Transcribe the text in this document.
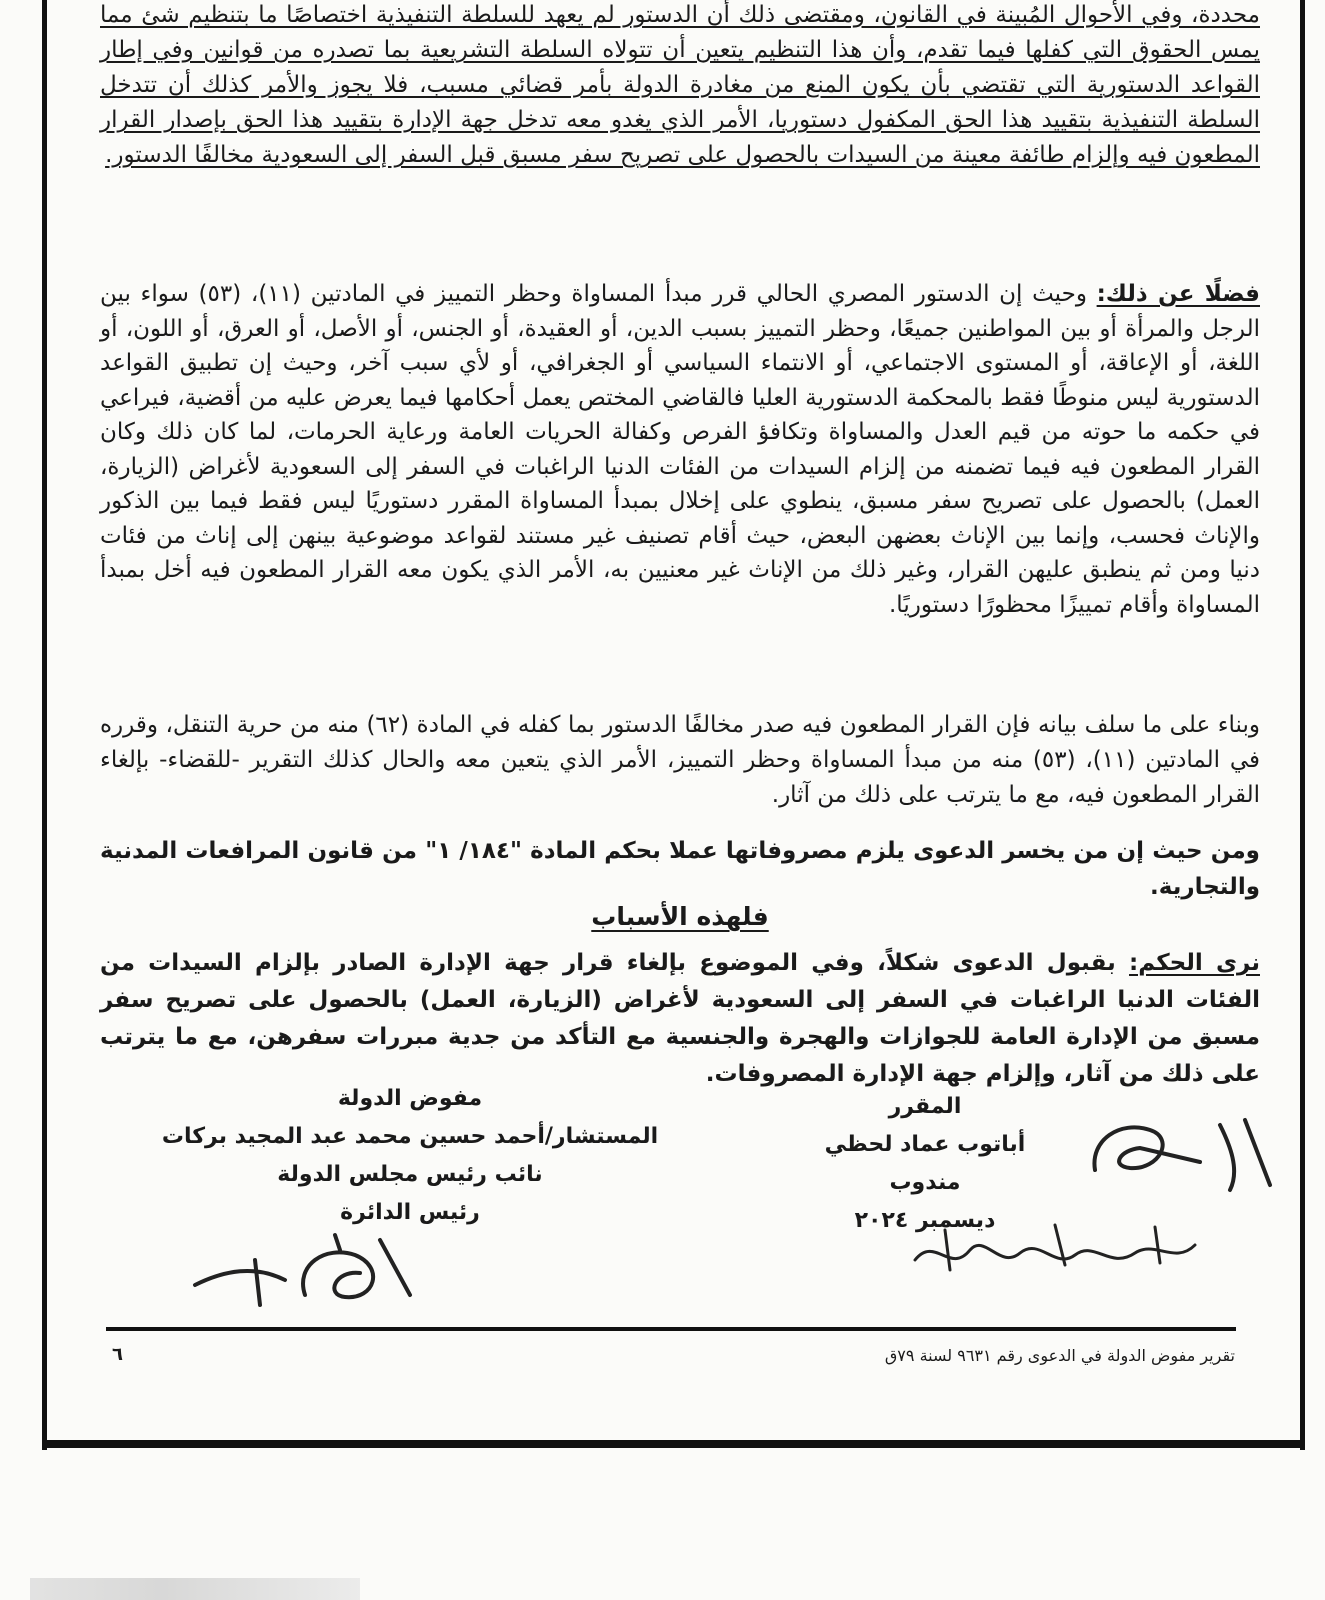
محددة، وفي الأحوال المُبينة في القانون، ومقتضى ذلك أن الدستور لم يعهد للسلطة التنفيذية اختصاصًا ما بتنظيم شئ مما يمس الحقوق التي كفلها فيما تقدم، وأن هذا التنظيم يتعين أن تتولاه السلطة التشريعية بما تصدره من قوانين وفي إطار القواعد الدستورية التي تقتضي بأن يكون المنع من مغادرة الدولة بأمر قضائي مسبب، فلا يجوز والأمر كذلك أن تتدخل السلطة التنفيذية بتقييد هذا الحق المكفول دستوريا، الأمر الذي يغدو معه تدخل جهة الإدارة بتقييد هذا الحق بإصدار القرار المطعون فيه وإلزام طائفة معينة من السيدات بالحصول على تصريح سفر مسبق قبل السفر إلى السعودية مخالفًا الدستور.
فضلًا عن ذلك: وحيث إن الدستور المصري الحالي قرر مبدأ المساواة وحظر التمييز في المادتين (١١)، (٥٣) سواء بين الرجل والمرأة أو بين المواطنين جميعًا، وحظر التمييز بسبب الدين، أو العقيدة، أو الجنس، أو الأصل، أو العرق، أو اللون، أو اللغة، أو الإعاقة، أو المستوى الاجتماعي، أو الانتماء السياسي أو الجغرافي، أو لأي سبب آخر، وحيث إن تطبيق القواعد الدستورية ليس منوطًا فقط بالمحكمة الدستورية العليا فالقاضي المختص يعمل أحكامها فيما يعرض عليه من أقضية، فيراعي في حكمه ما حوته من قيم العدل والمساواة وتكافؤ الفرص وكفالة الحريات العامة ورعاية الحرمات، لما كان ذلك وكان القرار المطعون فيه فيما تضمنه من إلزام السيدات من الفئات الدنيا الراغبات في السفر إلى السعودية لأغراض (الزيارة، العمل) بالحصول على تصريح سفر مسبق، ينطوي على إخلال بمبدأ المساواة المقرر دستوريًا ليس فقط فيما بين الذكور والإناث فحسب، وإنما بين الإناث بعضهن البعض، حيث أقام تصنيف غير مستند لقواعد موضوعية بينهن إلى إناث من فئات دنيا ومن ثم ينطبق عليهن القرار، وغير ذلك من الإناث غير معنيين به، الأمر الذي يكون معه القرار المطعون فيه أخل بمبدأ المساواة وأقام تمييزًا محظورًا دستوريًا.
وبناء على ما سلف بيانه فإن القرار المطعون فيه صدر مخالفًا الدستور بما كفله في المادة (٦٢) منه من حرية التنقل، وقرره في المادتين (١١)، (٥٣) منه من مبدأ المساواة وحظر التمييز، الأمر الذي يتعين معه والحال كذلك التقرير -للقضاء- بإلغاء القرار المطعون فيه، مع ما يترتب على ذلك من آثار.
ومن حيث إن من يخسر الدعوى يلزم مصروفاتها عملا بحكم المادة "١٨٤/ ١" من قانون المرافعات المدنية والتجارية.
فلهذه الأسباب
نرى الحكم: بقبول الدعوى شكلاً، وفي الموضوع بإلغاء قرار جهة الإدارة الصادر بإلزام السيدات من الفئات الدنيا الراغبات في السفر إلى السعودية لأغراض (الزيارة، العمل) بالحصول على تصريح سفر مسبق من الإدارة العامة للجوازات والهجرة والجنسية مع التأكد من جدية مبررات سفرهن، مع ما يترتب على ذلك من آثار، وإلزام جهة الإدارة المصروفات.
المقرر
أباتوب عماد لحظي
مندوب
ديسمبر ٢٠٢٤
مفوض الدولة
المستشار/أحمد حسين محمد عبد المجيد بركات
نائب رئيس مجلس الدولة
رئيس الدائرة
تقرير مفوض الدولة في الدعوى رقم ٩٦٣١ لسنة ٧٩ق
٦
